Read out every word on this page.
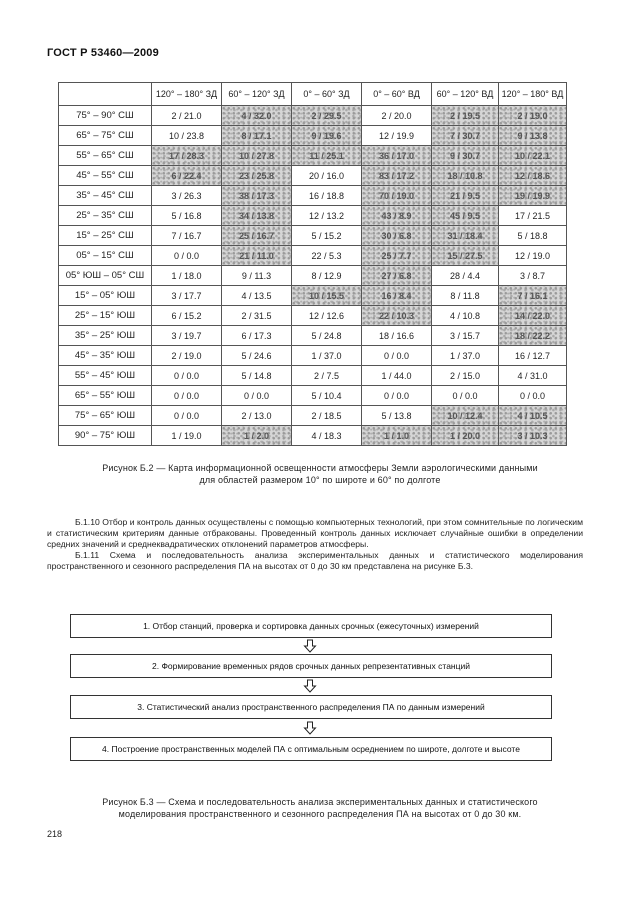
ГОСТ Р 53460—2009
	120° – 180° ЗД	60° – 120° ЗД	0° – 60° ЗД	0° – 60° ВД	60° – 120° ВД	120° – 180° ВД
75° – 90° СШ	2 / 21.0	4 / 32.0	2 / 29.5	2 / 20.0	2 / 19.5	2 / 19.0
65° – 75° СШ	10 / 23.8	8 / 17.1	9 / 19.6	12 / 19.9	7 / 30.7	9 / 13.8
55° – 65° СШ	17 / 28.3	10 / 27.8	11 / 25.1	36 / 17.0	9 / 30.7	10 / 22.1
45° – 55° СШ	6 / 22.4	23 / 25.8	20 / 16.0	83 / 17.2	18 / 10.8	12 / 18.6
35° – 45° СШ	3 / 26.3	38 / 17.3	16 / 18.8	70 / 19.0	21 / 9.5	19 / 19.9
25° – 35° СШ	5 / 16.8	34 / 13.8	12 / 13.2	43 / 8.9	45 / 9.5	17 / 21.5
15° – 25° СШ	7 / 16.7	25 / 16.7	5 / 15.2	30 / 6.8	31 / 18.4	5 / 18.8
05° – 15° СШ	0 / 0.0	21 / 11.0	22 / 5.3	25 / 7.7	15 / 27.5	12 / 19.0
05° ЮШ – 05° СШ	1 / 18.0	9 / 11.3	8 / 12.9	27 / 6.8	28 / 4.4	3 / 8.7
15° – 05° ЮШ	3 / 17.7	4 / 13.5	10 / 15.5	16 / 8.4	8 / 11.8	7 / 16.1
25° – 15° ЮШ	6 / 15.2	2 / 31.5	12 / 12.6	22 / 10.3	4 / 10.8	14 / 22.0
35° – 25° ЮШ	3 / 19.7	6 / 17.3	5 / 24.8	18 / 16.6	3 / 15.7	18 / 22.2
45° – 35° ЮШ	2 / 19.0	5 / 24.6	1 / 37.0	0 / 0.0	1 / 37.0	16 / 12.7
55° – 45° ЮШ	0 / 0.0	5 / 14.8	2 / 7.5	1 / 44.0	2 / 15.0	4 / 31.0
65° – 55° ЮШ	0 / 0.0	0 / 0.0	5 / 10.4	0 / 0.0	0 / 0.0	0 / 0.0
75° – 65° ЮШ	0 / 0.0	2 / 13.0	2 / 18.5	5 / 13.8	10 / 12.4	4 / 10.5
90° – 75° ЮШ	1 / 19.0	1 / 2.0	4 / 18.3	1 / 1.0	1 / 20.0	3 / 10.3
Рисунок Б.2 — Карта информационной освещенности атмосферы Земли аэрологическими данными
для областей размером 10° по широте и 60° по долготе

Б.1.10 Отбор и контроль данных осуществлены с помощью компьютерных технологий, при этом сомнительные по логическим и статистическим критериям данные отбракованы. Проведенный контроль данных исключает случайные ошибки в определении средних значений и среднеквадратических отклонений параметров атмосферы.

Б.1.11 Схема и последовательность анализа экспериментальных данных и статистического моделирования пространственного и сезонного распределения ПА на высотах от 0 до 30 км представлена на рисунке Б.3.

1. Отбор станций, проверка и сортировка данных срочных (ежесуточных) измерений
2. Формирование временных рядов срочных данных репрезентативных станций
3. Статистический анализ пространственного распределения ПА по данным измерений
4. Построение пространственных моделей ПА с оптимальным осреднением по широте, долготе и высоте
Рисунок Б.3 — Схема и последовательность анализа экспериментальных данных и статистического
моделирования пространственного и сезонного распределения ПА на высотах от 0 до 30 км.
218
